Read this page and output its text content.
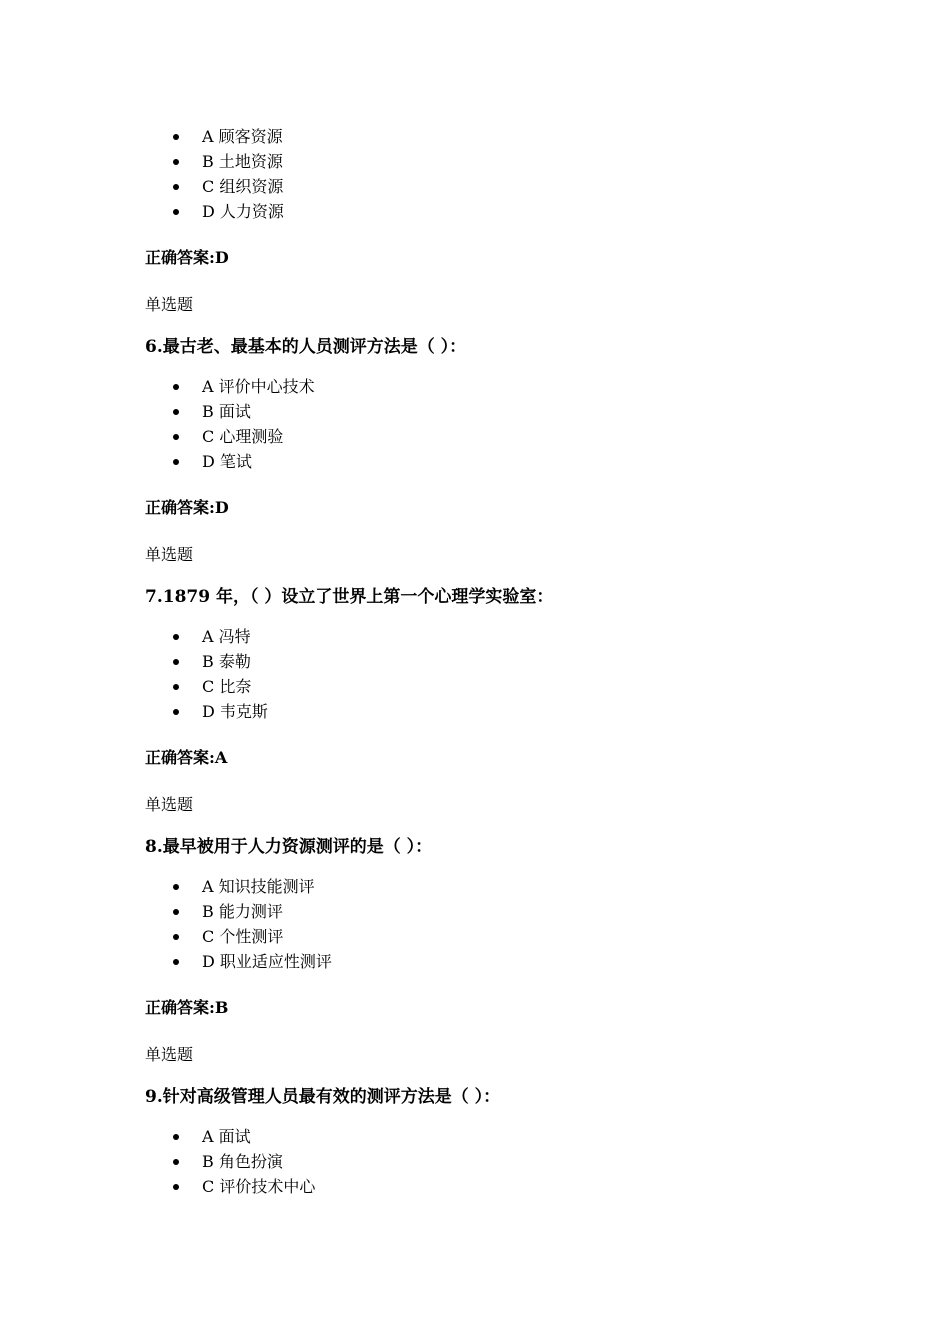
A 顾客资源
B 土地资源
C 组织资源
D 人力资源
正确答案:D
单选题
6.最古老、最基本的人员测评方法是（ ）：
A 评价中心技术
B 面试
C 心理测验
D 笔试
正确答案:D
单选题
7.1879 年，（ ）设立了世界上第一个心理学实验室：
A 冯特
B 泰勒
C 比奈
D 韦克斯
正确答案:A
单选题
8.最早被用于人力资源测评的是（ ）：
A 知识技能测评
B 能力测评
C 个性测评
D 职业适应性测评
正确答案:B
单选题
9.针对高级管理人员最有效的测评方法是（ ）：
A 面试
B 角色扮演
C 评价技术中心
